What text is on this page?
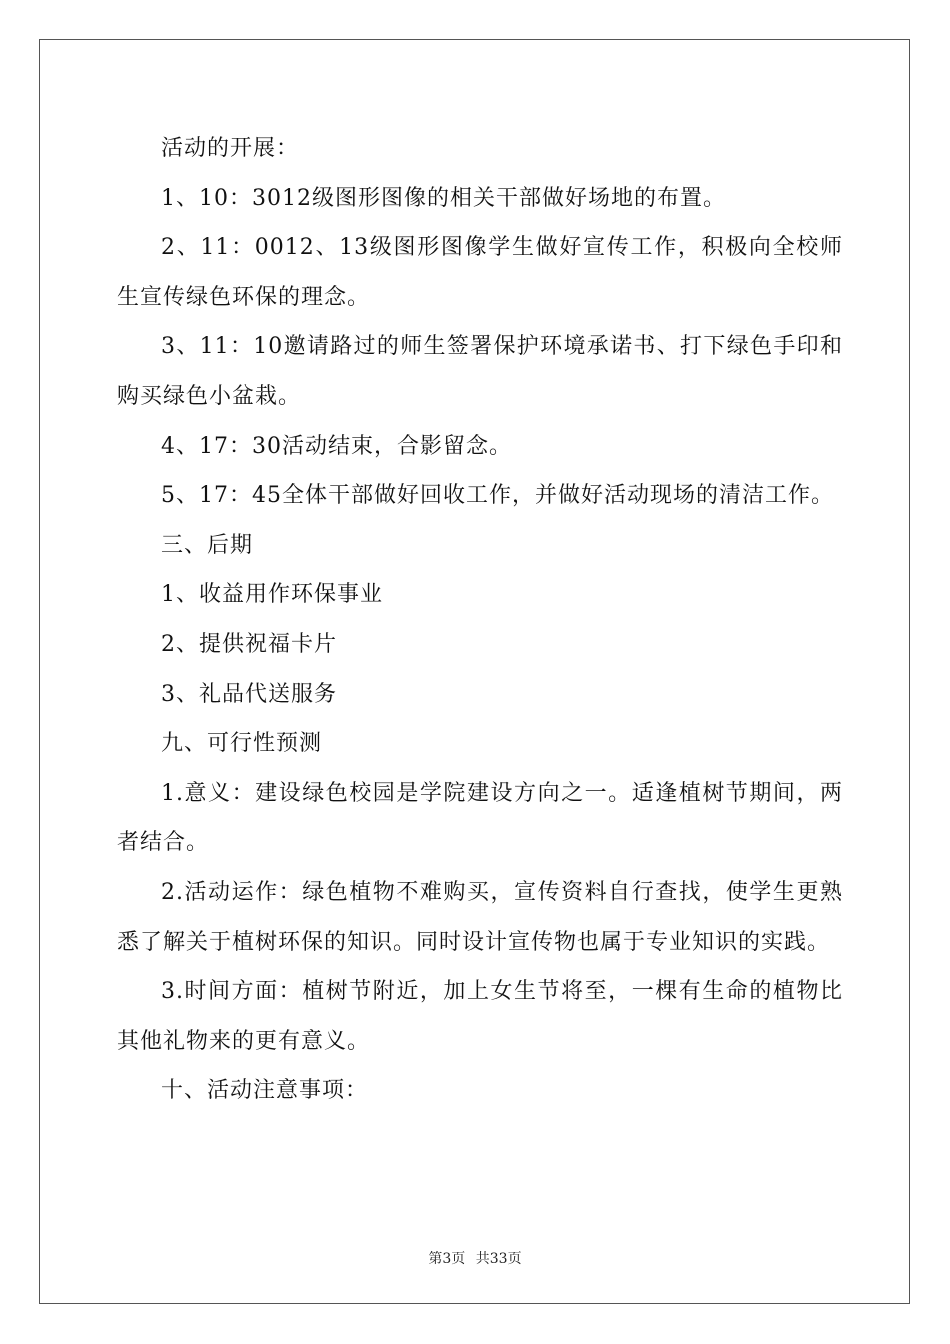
活动的开展：

1、10：3012级图形图像的相关干部做好场地的布置。

2、11：0012、13级图形图像学生做好宣传工作，积极向全校师生宣传绿色环保的理念。

3、11：10邀请路过的师生签署保护环境承诺书、打下绿色手印和购买绿色小盆栽。

4、17：30活动结束，合影留念。

5、17：45全体干部做好回收工作，并做好活动现场的清洁工作。

三、后期

1、收益用作环保事业

2、提供祝福卡片

3、礼品代送服务

九、可行性预测

1.意义：建设绿色校园是学院建设方向之一。适逢植树节期间，两者结合。

2.活动运作：绿色植物不难购买，宣传资料自行查找，使学生更熟悉了解关于植树环保的知识。同时设计宣传物也属于专业知识的实践。

3.时间方面：植树节附近，加上女生节将至，一棵有生命的植物比其他礼物来的更有意义。

十、活动注意事项：

第3页 共33页
